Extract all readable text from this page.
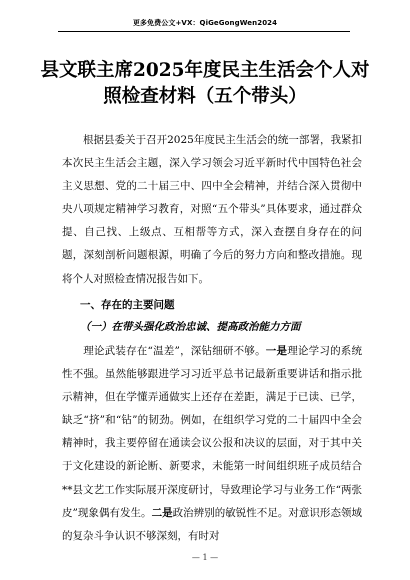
更多免费公文+VX：QiGeGongWen2024
县文联主席2025年度民主生活会个人对照检查材料（五个带头）
根据县委关于召开2025年度民主生活会的统一部署，我紧扣本次民主生活会主题，深入学习领会习近平新时代中国特色社会主义思想、党的二十届三中、四中全会精神，并结合深入贯彻中央八项规定精神学习教育，对照“五个带头”具体要求，通过群众提、自己找、上级点、互相帮等方式，深入查摆自身存在的问题，深刻剖析问题根源，明确了今后的努力方向和整改措施。现将个人对照检查情况报告如下。
一、存在的主要问题
（一）在带头强化政治忠诚、提高政治能力方面
理论武装存在“温差”，深钻细研不够。一是理论学习的系统性不强。虽然能够跟进学习习近平总书记最新重要讲话和指示批示精神，但在学懂弄通做实上还存在差距，满足于已读、已学，缺乏“挤”和“钻”的韧劲。例如，在组织学习党的二十届四中全会精神时，我主要停留在通读会议公报和决议的层面，对于其中关于文化建设的新论断、新要求，未能第一时间组织班子成员结合**县文艺工作实际展开深度研讨，导致理论学习与业务工作“两张皮”现象偶有发生。二是政治辨别的敏锐性不足。对意识形态领域的复杂斗争认识不够深刻，有时对
— 1 —
